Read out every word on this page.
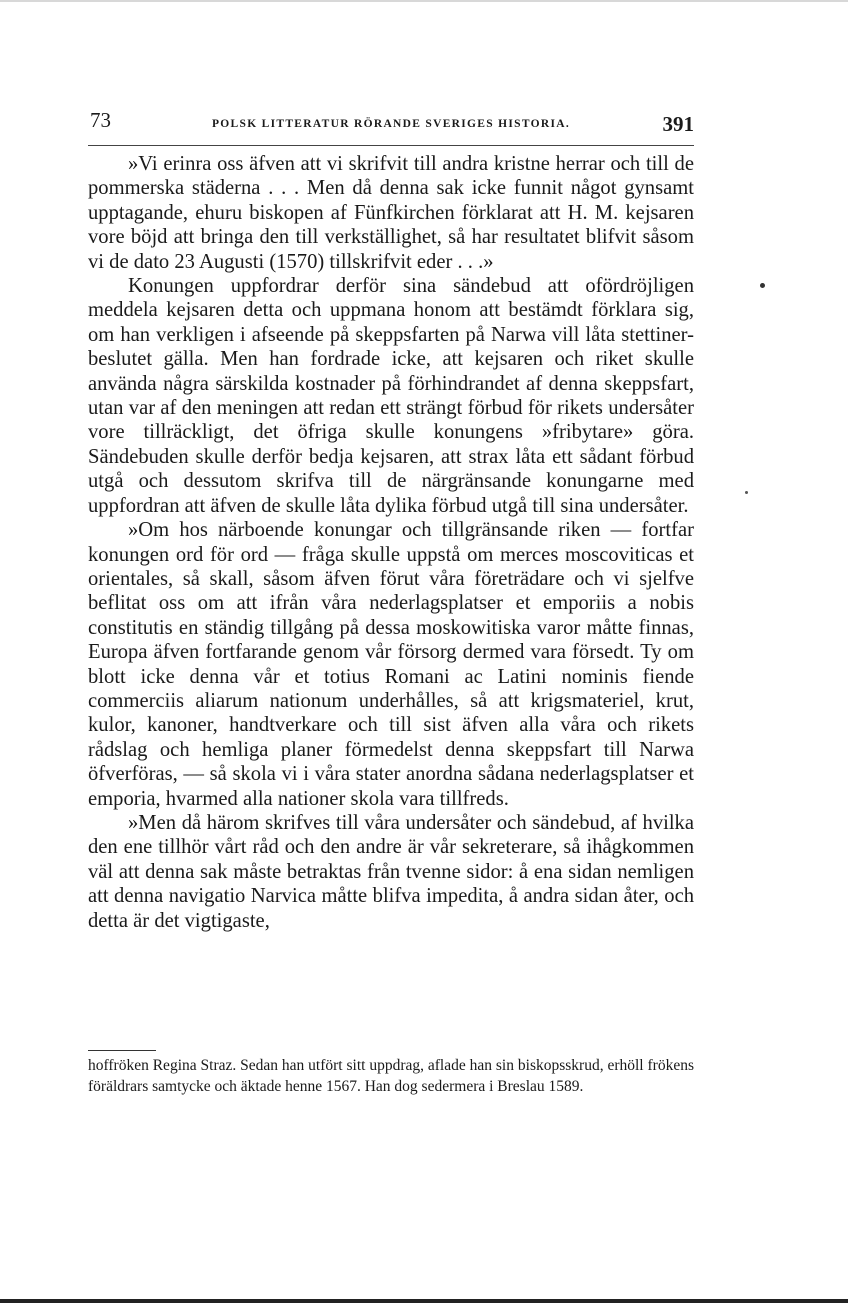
73	POLSK LITTERATUR RÖRANDE SVERIGES HISTORIA.	391

»Vi erinra oss äfven att vi skrifvit till andra kristne herrar och till de pommerska städerna . . . Men då denna sak icke funnit något gynsamt upptagande, ehuru biskopen af Fünfkirchen förklarat att H. M. kejsaren vore böjd att bringa den till verkställighet, så har resultatet blifvit såsom vi de dato 23 Augusti (1570) tillskrifvit eder . . .»

Konungen uppfordrar derför sina sändebud att ofördröjligen meddela kejsaren detta och uppmana honom att bestämdt förklara sig, om han verkligen i afseende på skeppsfarten på Narwa vill låta stettiner-beslutet gälla. Men han fordrade icke, att kejsaren och riket skulle använda några särskilda kostnader på förhindrandet af denna skeppsfart, utan var af den meningen att redan ett strängt förbud för rikets undersåter vore tillräckligt, det öfriga skulle konungens »fribytare» göra. Sändebuden skulle derför bedja kejsaren, att strax låta ett sådant förbud utgå och dessutom skrifva till de närgränsande konungarne med uppfordran att äfven de skulle låta dylika förbud utgå till sina undersåter.

»Om hos närboende konungar och tillgränsande riken — fortfar konungen ord för ord — fråga skulle uppstå om merces moscoviticas et orientales, så skall, såsom äfven förut våra företrädare och vi sjelfve beflitat oss om att ifrån våra nederlagsplatser et emporiis a nobis constitutis en ständig tillgång på dessa moskowitiska varor måtte finnas, Europa äfven fortfarande genom vår försorg dermed vara försedt. Ty om blott icke denna vår et totius Romani ac Latini nominis fiende commerciis aliarum nationum underhålles, så att krigsmateriel, krut, kulor, kanoner, handtverkare och till sist äfven alla våra och rikets rådslag och hemliga planer förmedelst denna skeppsfart till Narwa öfverföras, — så skola vi i våra stater anordna sådana nederlagsplatser et emporia, hvarmed alla nationer skola vara tillfreds.

»Men då härom skrifves till våra undersåter och sändebud, af hvilka den ene tillhör vårt råd och den andre är vår sekreterare, så ihågkommen väl att denna sak måste betraktas från tvenne sidor: å ena sidan nemligen att denna navigatio Narvica måtte blifva impedita, å andra sidan åter, och detta är det vigtigaste,

hoffröken Regina Straz. Sedan han utfört sitt uppdrag, aflade han sin biskopsskrud, erhöll frökens föräldrars samtycke och äktade henne 1567. Han dog sedermera i Breslau 1589.
